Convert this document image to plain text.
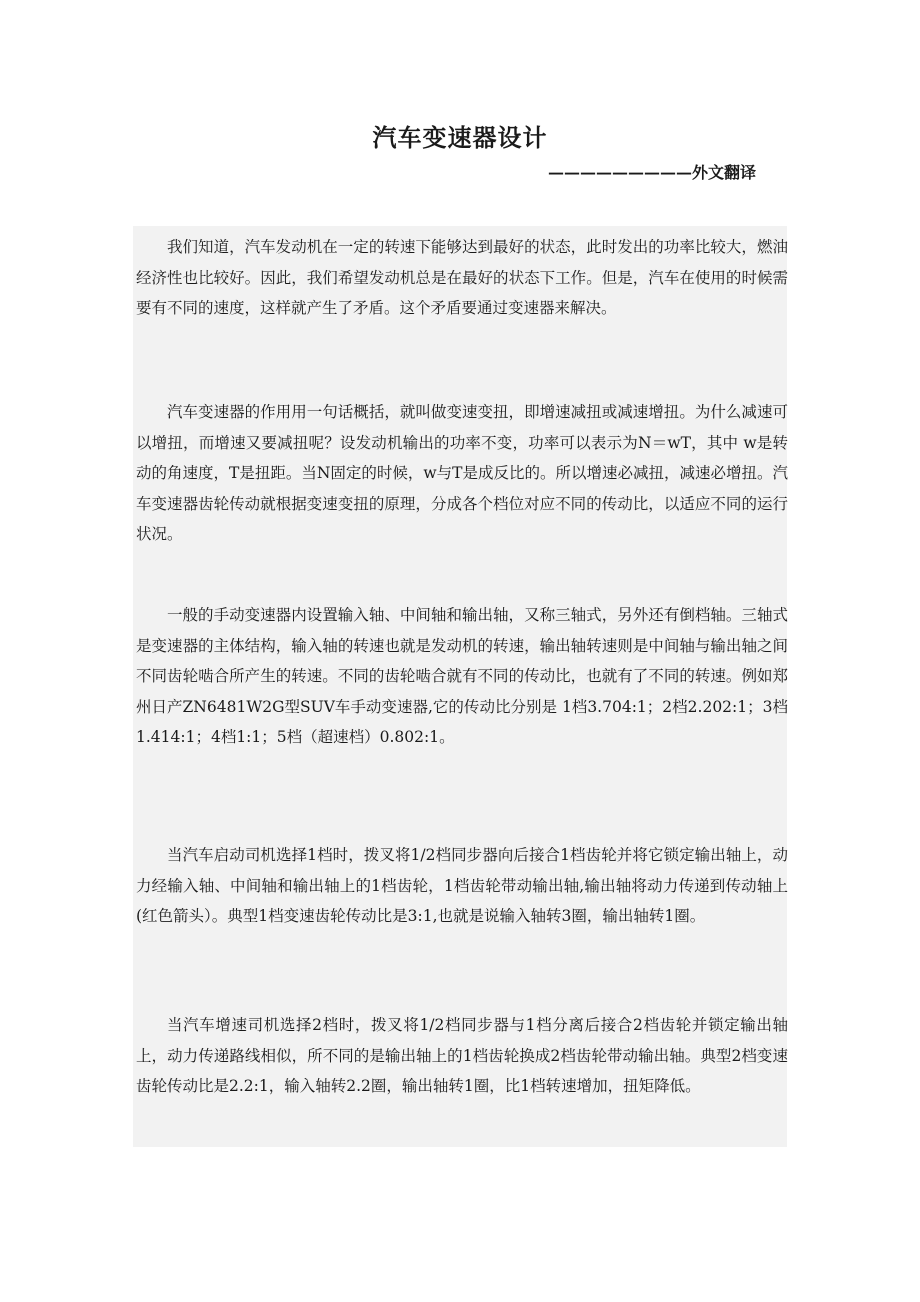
汽车变速器设计
—————————外文翻译

我们知道，汽车发动机在一定的转速下能够达到最好的状态，此时发出的功率比较大，燃油经济性也比较好。因此，我们希望发动机总是在最好的状态下工作。但是，汽车在使用的时候需要有不同的速度，这样就产生了矛盾。这个矛盾要通过变速器来解决。

汽车变速器的作用用一句话概括，就叫做变速变扭，即增速减扭或减速增扭。为什么减速可以增扭，而增速又要减扭呢？设发动机输出的功率不变，功率可以表示为N＝wT，其中 w是转动的角速度，T是扭距。当N固定的时候，w与T是成反比的。所以增速必减扭，减速必增扭。汽车变速器齿轮传动就根据变速变扭的原理，分成各个档位对应不同的传动比，以适应不同的运行状况。

一般的手动变速器内设置输入轴、中间轴和输出轴，又称三轴式，另外还有倒档轴。三轴式是变速器的主体结构，输入轴的转速也就是发动机的转速，输出轴转速则是中间轴与输出轴之间不同齿轮啮合所产生的转速。不同的齿轮啮合就有不同的传动比，也就有了不同的转速。例如郑州日产ZN6481W2G型SUV车手动变速器,它的传动比分别是 1档3.704:1；2档2.202:1；3档1.414:1；4档1:1；5档（超速档）0.802:1。

当汽车启动司机选择1档时，拨叉将1/2档同步器向后接合1档齿轮并将它锁定输出轴上，动力经输入轴、中间轴和输出轴上的1档齿轮，1档齿轮带动输出轴,输出轴将动力传递到传动轴上(红色箭头）。典型1档变速齿轮传动比是3:1,也就是说输入轴转3圈，输出轴转1圈。

当汽车增速司机选择2档时，拨叉将1/2档同步器与1档分离后接合2档齿轮并锁定输出轴上，动力传递路线相似，所不同的是输出轴上的1档齿轮换成2档齿轮带动输出轴。典型2档变速齿轮传动比是2.2:1，输入轴转2.2圈，输出轴转1圈，比1档转速增加，扭矩降低。
